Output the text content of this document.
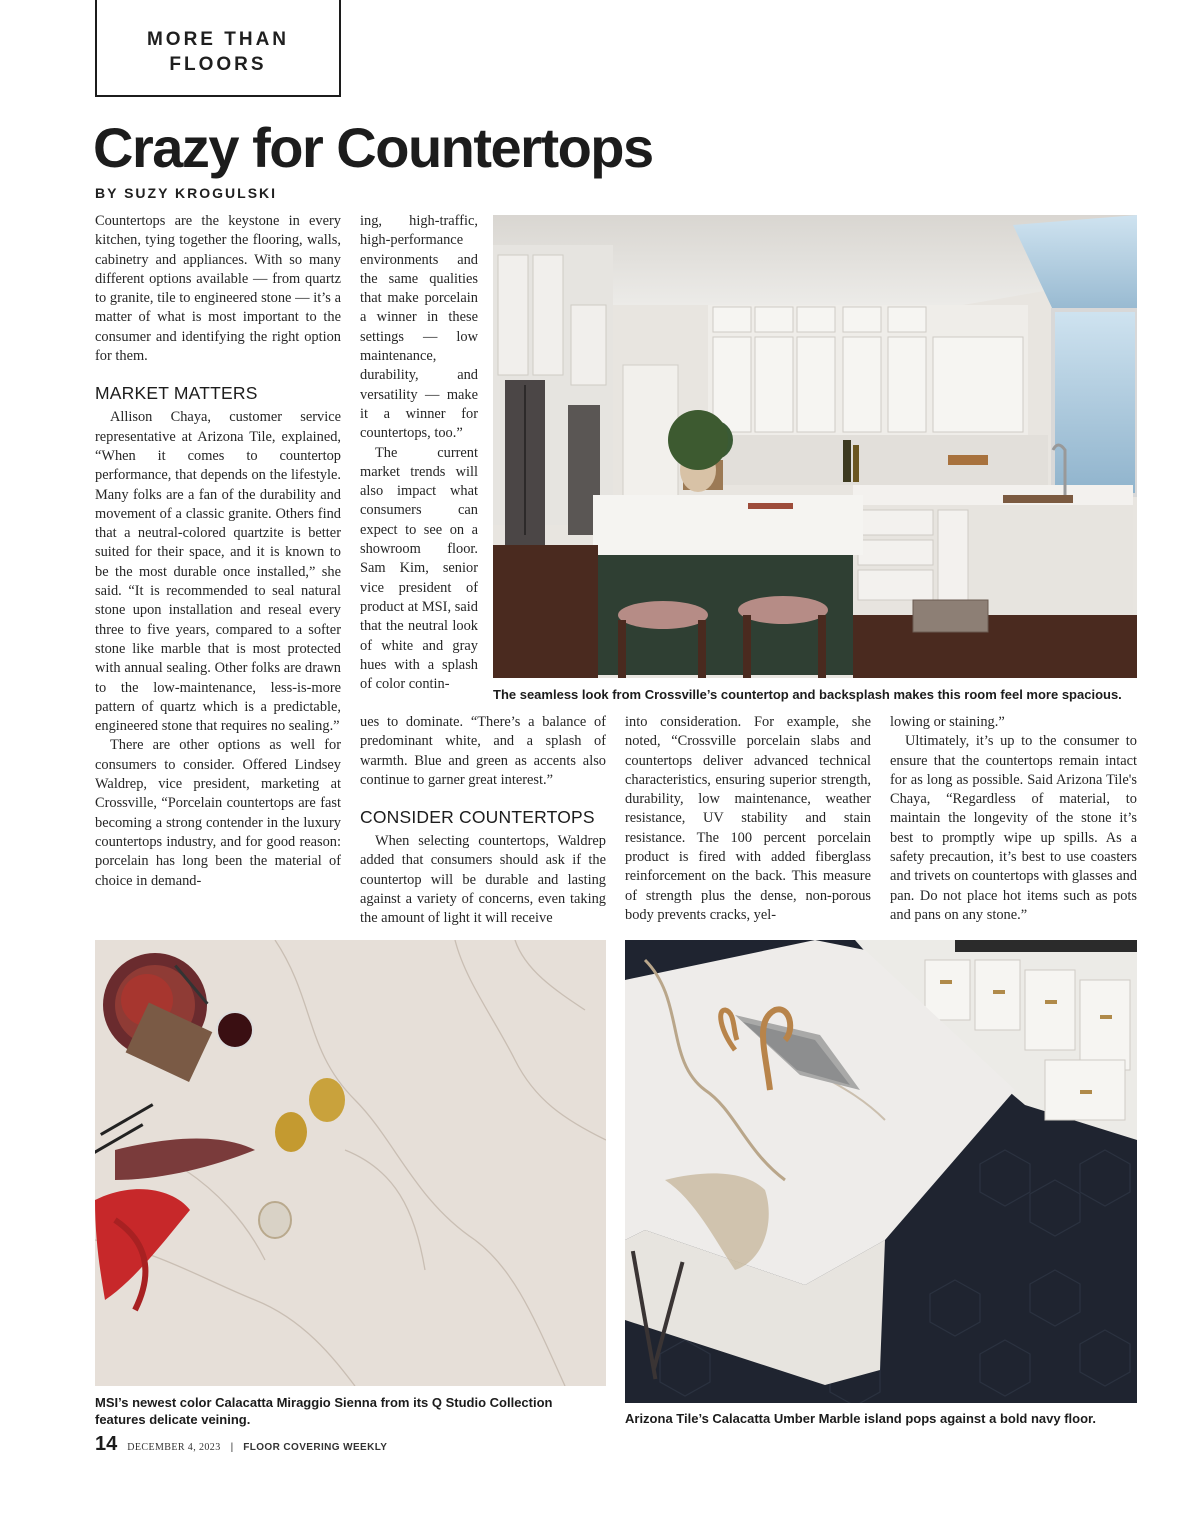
MORE THAN
FLOORS
Crazy for Countertops
BY SUZY KROGULSKI

Countertops are the keystone in every kitchen, tying together the flooring, walls, cabinetry and appliances. With so many different options available — from quartz to granite, tile to engineered stone — it’s a matter of what is most important to the consumer and identifying the right option for them.

MARKET MATTERS

Allison Chaya, customer service representative at Arizona Tile, explained, “When it comes to countertop performance, that depends on the lifestyle. Many folks are a fan of the durability and movement of a classic granite. Others find that a neutral-colored quartzite is better suited for their space, and it is known to be the most durable once installed,” she said. “It is recommended to seal natural stone upon installation and reseal every three to five years, compared to a softer stone like marble that is most protected with annual sealing. Other folks are drawn to the low-maintenance, less-is-more pattern of quartz which is a predictable, engineered stone that requires no sealing.”

There are other options as well for consumers to consider. Offered Lindsey Waldrep, vice president, marketing at Crossville, “Porcelain countertops are fast becoming a strong contender in the luxury countertops industry, and for good reason: porcelain has long been the material of choice in demand-

ing, high-traffic, high-performance environments and the same qualities that make porcelain a winner in these settings — low maintenance, durability, and versatility — make it a winner for countertops, too.”

The current market trends will also impact what consumers can expect to see on a showroom floor. Sam Kim, senior vice president of product at MSI, said that the neutral look of white and gray hues with a splash of color contin-

ues to dominate. “There’s a balance of predominant white, and a splash of warmth. Blue and green as accents also continue to garner great interest.”

CONSIDER COUNTERTOPS

When selecting countertops, Waldrep added that consumers should ask if the countertop will be durable and lasting against a variety of concerns, even taking the amount of light it will receive

into consideration. For example, she noted, “Crossville porcelain slabs and countertops deliver advanced technical characteristics, ensuring superior strength, durability, low maintenance, weather resistance, UV stability and stain resistance. The 100 percent porcelain product is fired with added fiberglass reinforcement on the back. This measure of strength plus the dense, non-porous body prevents cracks, yel-

lowing or staining.”

Ultimately, it’s up to the consumer to ensure that the countertops remain intact for as long as possible. Said Arizona Tile's Chaya, “Regardless of material, to maintain the longevity of the stone it’s best to promptly wipe up spills. As a safety precaution, it’s best to use coasters and trivets on countertops with glasses and pan. Do not place hot items such as pots and pans on any stone.”

The seamless look from Crossville’s countertop and backsplash makes this room feel more spacious.
MSI’s newest color Calacatta Miraggio Sienna from its Q Studio Collection features delicate veining.	Arizona Tile’s Calacatta Umber Marble island pops against a bold navy floor.
14 DECEMBER 4, 2023 | FLOOR COVERING WEEKLY
